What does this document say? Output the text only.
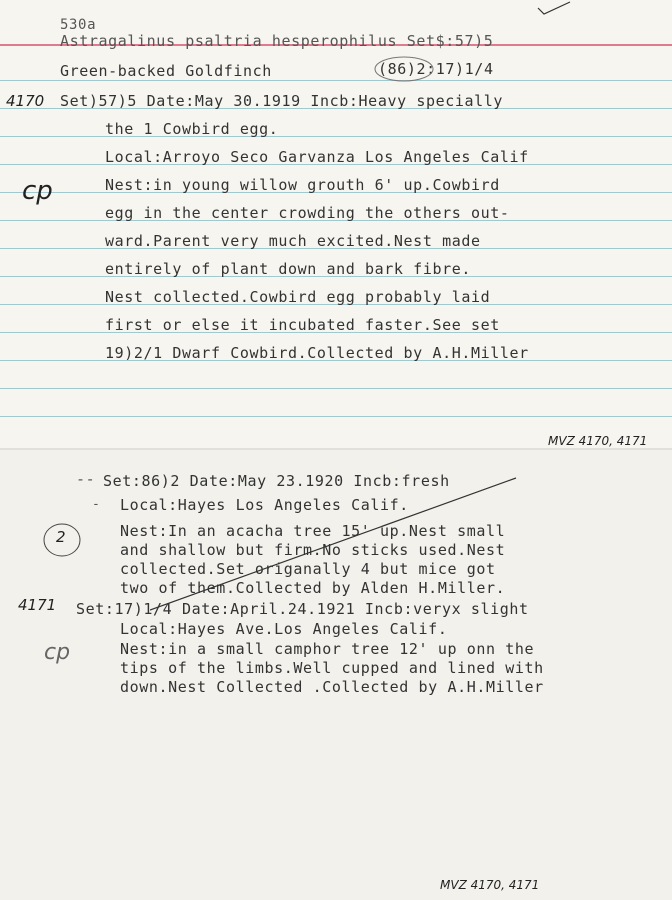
530a
Astragalinus psaltria hesperophilus Set$:57)5
Green-backed Goldfinch	(86)2:17)1/4
4170 Set)57)5 Date:May 30.1919 Incb:Heavy specially
the 1 Cowbird egg.
Local:Arroyo Seco Garvanza Los Angeles Calif
Nest:in young willow grouth 6' up.Cowbird
egg in the center crowding the others out-
ward.Parent very much excited.Nest made
entirely of plant down and bark fibre.
Nest collected.Cowbird egg probably laid
first or else it incubated faster.See set
19)2/1 Dwarf Cowbird.Collected by A.H.Miller
cp
MVZ 4170, 4171
-- Set:86)2 Date:May 23.1920 Incb:fresh
- Local:Hayes Los Angeles Calif.
Nest:In an acacha tree 15' up.Nest small
and shallow but firm.No sticks used.Nest
collected.Set origanally 4 but mice got
two of them.Collected by Alden H.Miller.
2
4171 Set:17)1/4 Date:April.24.1921 Incb:veryx slight
Local:Hayes Ave.Los Angeles Calif.
Nest:in a small camphor tree 12' up onn the
tips of the limbs.Well cupped and lined with
down.Nest Collected .Collected by A.H.Miller
cp
MVZ 4170, 4171
